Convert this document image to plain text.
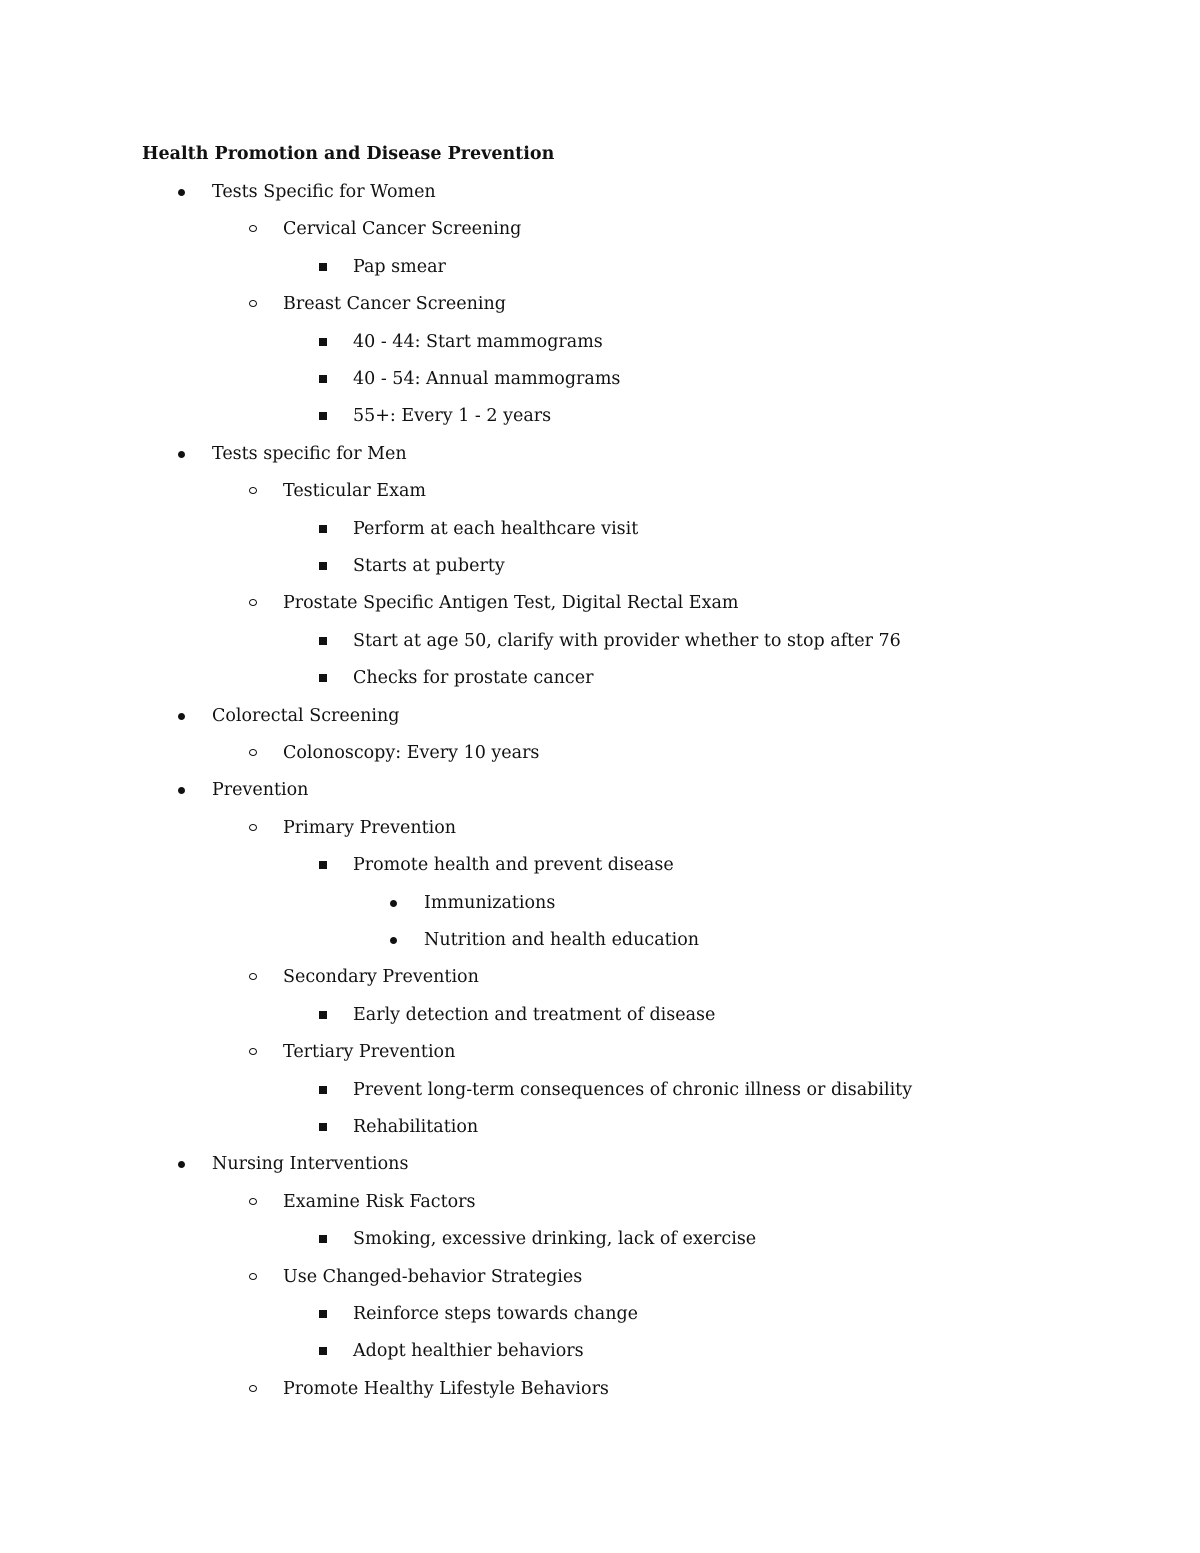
Health Promotion and Disease Prevention
Tests Specific for Women
Cervical Cancer Screening
Pap smear
Breast Cancer Screening
40 - 44: Start mammograms
40 - 54: Annual mammograms
55+: Every 1 - 2 years
Tests specific for Men
Testicular Exam
Perform at each healthcare visit
Starts at puberty
Prostate Specific Antigen Test, Digital Rectal Exam
Start at age 50, clarify with provider whether to stop after 76
Checks for prostate cancer
Colorectal Screening
Colonoscopy: Every 10 years
Prevention
Primary Prevention
Promote health and prevent disease
Immunizations
Nutrition and health education
Secondary Prevention
Early detection and treatment of disease
Tertiary Prevention
Prevent long-term consequences of chronic illness or disability
Rehabilitation
Nursing Interventions
Examine Risk Factors
Smoking, excessive drinking, lack of exercise
Use Changed-behavior Strategies
Reinforce steps towards change
Adopt healthier behaviors
Promote Healthy Lifestyle Behaviors
